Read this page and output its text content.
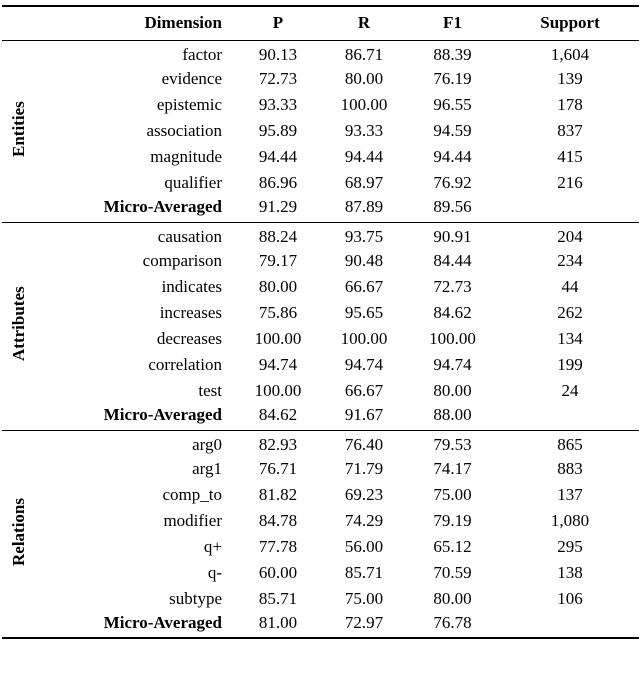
	Dimension	P	R	F1	Support
Entities	factor	90.13	86.71	88.39	1,604
	evidence	72.73	80.00	76.19	139
	epistemic	93.33	100.00	96.55	178
	association	95.89	93.33	94.59	837
	magnitude	94.44	94.44	94.44	415
	qualifier	86.96	68.97	76.92	216
	Micro-Averaged	91.29	87.89	89.56	
Attributes	causation	88.24	93.75	90.91	204
	comparison	79.17	90.48	84.44	234
	indicates	80.00	66.67	72.73	44
	increases	75.86	95.65	84.62	262
	decreases	100.00	100.00	100.00	134
	correlation	94.74	94.74	94.74	199
	test	100.00	66.67	80.00	24
	Micro-Averaged	84.62	91.67	88.00	
Relations	arg0	82.93	76.40	79.53	865
	arg1	76.71	71.79	74.17	883
	comp_to	81.82	69.23	75.00	137
	modifier	84.78	74.29	79.19	1,080
	q+	77.78	56.00	65.12	295
	q-	60.00	85.71	70.59	138
	subtype	85.71	75.00	80.00	106
	Micro-Averaged	81.00	72.97	76.78	
